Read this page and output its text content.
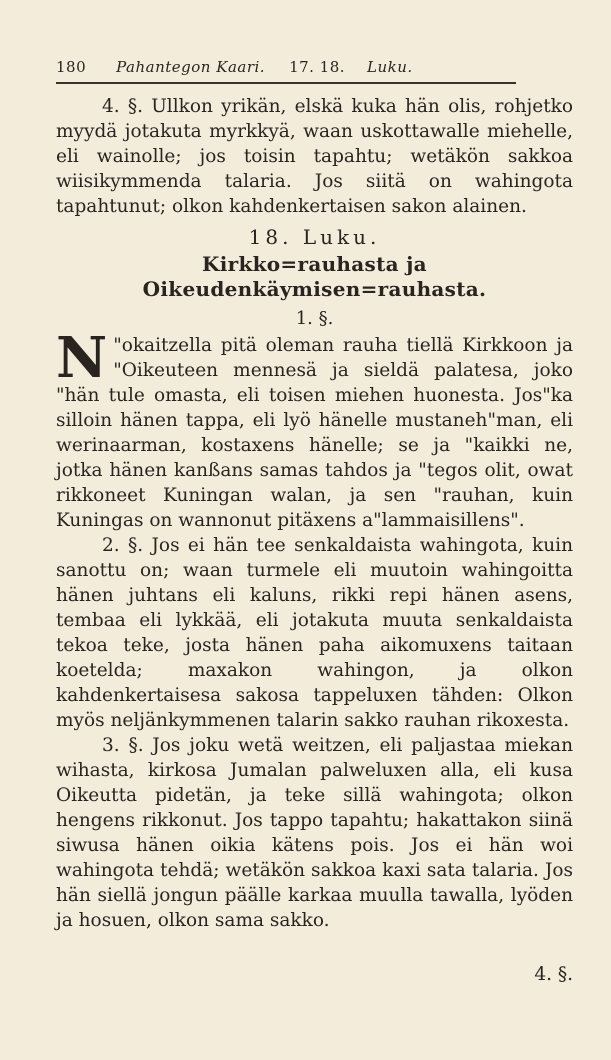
180 Pahantegon Kaari. 17. 18. Luku.

4. §. Ullkon yrikän, elskä kuka hän olis, rohjetko myydä jotakuta myrkkyä, waan uskottawalle miehelle, eli wainolle; jos toisin tapahtu; wetäkön sakkoa wiisikymmenda talaria. Jos siitä on wahingota tapahtunut; olkon kahdenkertaisen sakon alainen.

18. Luku.
Kirkko=rauhasta ja Oikeudenkäymisen=rauhasta.
1. §.

N "okaitzella pitä oleman rauha tiellä Kirkkoon ja "Oikeuteen mennesä ja sieldä palatesa, joko "hän tule omasta, eli toisen miehen huonesta. Jos"ka silloin hänen tappa, eli lyö hänelle mustaneh"man, eli werinaarman, kostaxens hänelle; se ja "kaikki ne, jotka hänen kanßans samas tahdos ja "tegos olit, owat rikkoneet Kuningan walan, ja sen "rauhan, kuin Kuningas on wannonut pitäxens a"lammaisillens".

2. §. Jos ei hän tee senkaldaista wahingota, kuin sanottu on; waan turmele eli muutoin wahingoitta hänen juhtans eli kaluns, rikki repi hänen asens, tembaa eli lykkää, eli jotakuta muuta senkaldaista tekoa teke, josta hänen paha aikomuxens taitaan koetelda; maxakon wahingon, ja olkon kahdenkertaisesa sakosa tappeluxen tähden: Olkon myös neljänkymmenen talarin sakko rauhan rikoxesta.

3. §. Jos joku wetä weitzen, eli paljastaa miekan wihasta, kirkosa Jumalan palweluxen alla, eli kusa Oikeutta pidetän, ja teke sillä wahingota; olkon hengens rikkonut. Jos tappo tapahtu; hakattakon siinä siwusa hänen oikia kätens pois. Jos ei hän woi wahingota tehdä; wetäkön sakkoa kaxi sata talaria. Jos hän siellä jongun päälle karkaa muulla tawalla, lyöden ja hosuen, olkon sama sakko.

4. §.
